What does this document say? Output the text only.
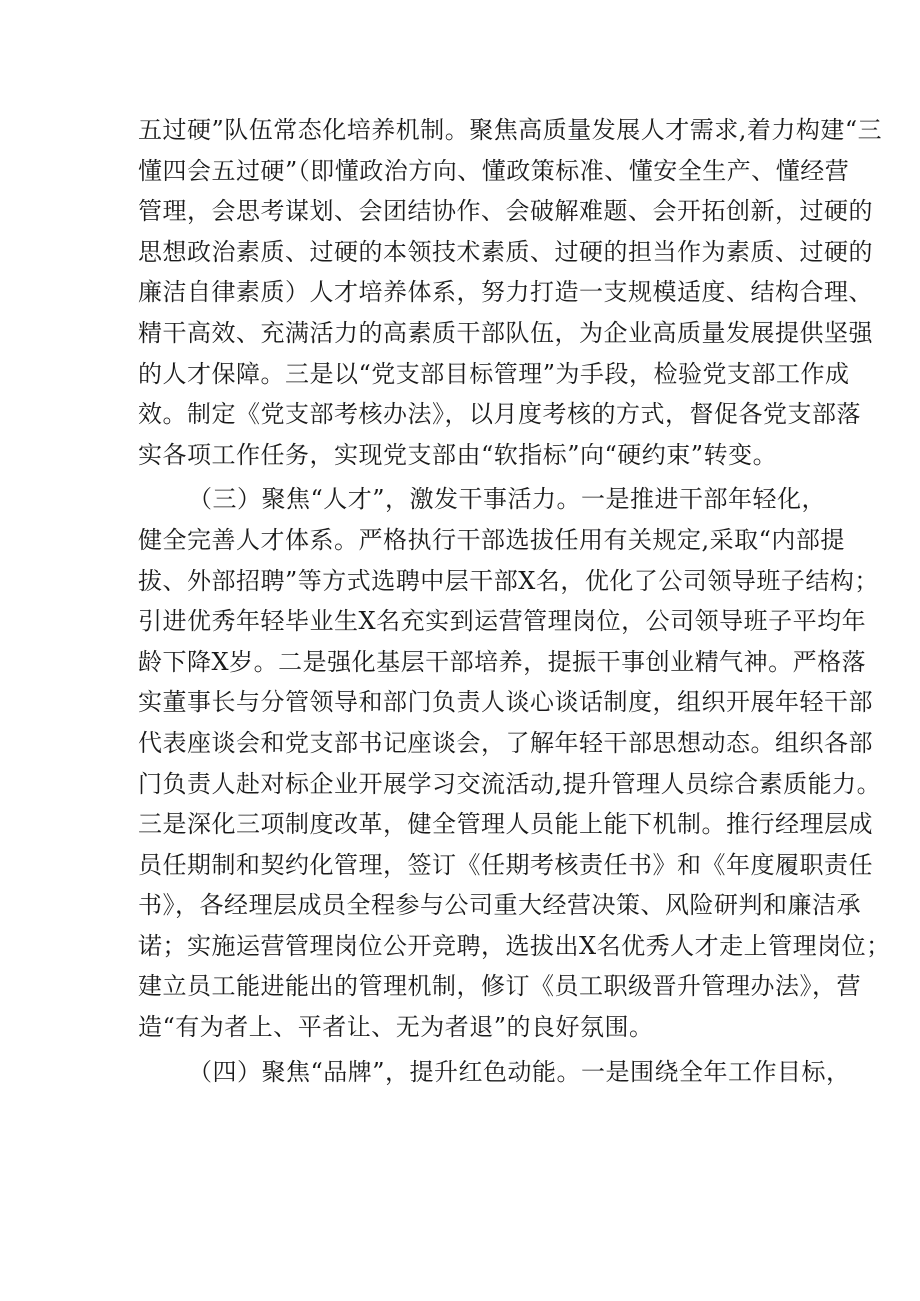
五过硬”队伍常态化培养机制。聚焦高质量发展人才需求,着力构建“三
懂四会五过硬”（即懂政治方向、懂政策标准、懂安全生产、懂经营
管理，会思考谋划、会团结协作、会破解难题、会开拓创新，过硬的
思想政治素质、过硬的本领技术素质、过硬的担当作为素质、过硬的
廉洁自律素质）人才培养体系，努力打造一支规模适度、结构合理、
精干高效、充满活力的高素质干部队伍，为企业高质量发展提供坚强
的人才保障。三是以“党支部目标管理”为手段，检验党支部工作成
效。制定《党支部考核办法》，以月度考核的方式，督促各党支部落
实各项工作任务，实现党支部由“软指标”向“硬约束”转变。
（三）聚焦“人才”，激发干事活力。一是推进干部年轻化，
健全完善人才体系。严格执行干部选拔任用有关规定,采取“内部提
拔、外部招聘”等方式选聘中层干部X名，优化了公司领导班子结构；
引进优秀年轻毕业生X名充实到运营管理岗位，公司领导班子平均年
龄下降X岁。二是强化基层干部培养，提振干事创业精气神。严格落
实董事长与分管领导和部门负责人谈心谈话制度，组织开展年轻干部
代表座谈会和党支部书记座谈会，了解年轻干部思想动态。组织各部
门负责人赴对标企业开展学习交流活动,提升管理人员综合素质能力。
三是深化三项制度改革，健全管理人员能上能下机制。推行经理层成
员任期制和契约化管理，签订《任期考核责任书》和《年度履职责任
书》，各经理层成员全程参与公司重大经营决策、风险研判和廉洁承
诺；实施运营管理岗位公开竞聘，选拔出X名优秀人才走上管理岗位；
建立员工能进能出的管理机制，修订《员工职级晋升管理办法》，营
造“有为者上、平者让、无为者退”的良好氛围。
（四）聚焦“品牌”，提升红色动能。一是围绕全年工作目标，
